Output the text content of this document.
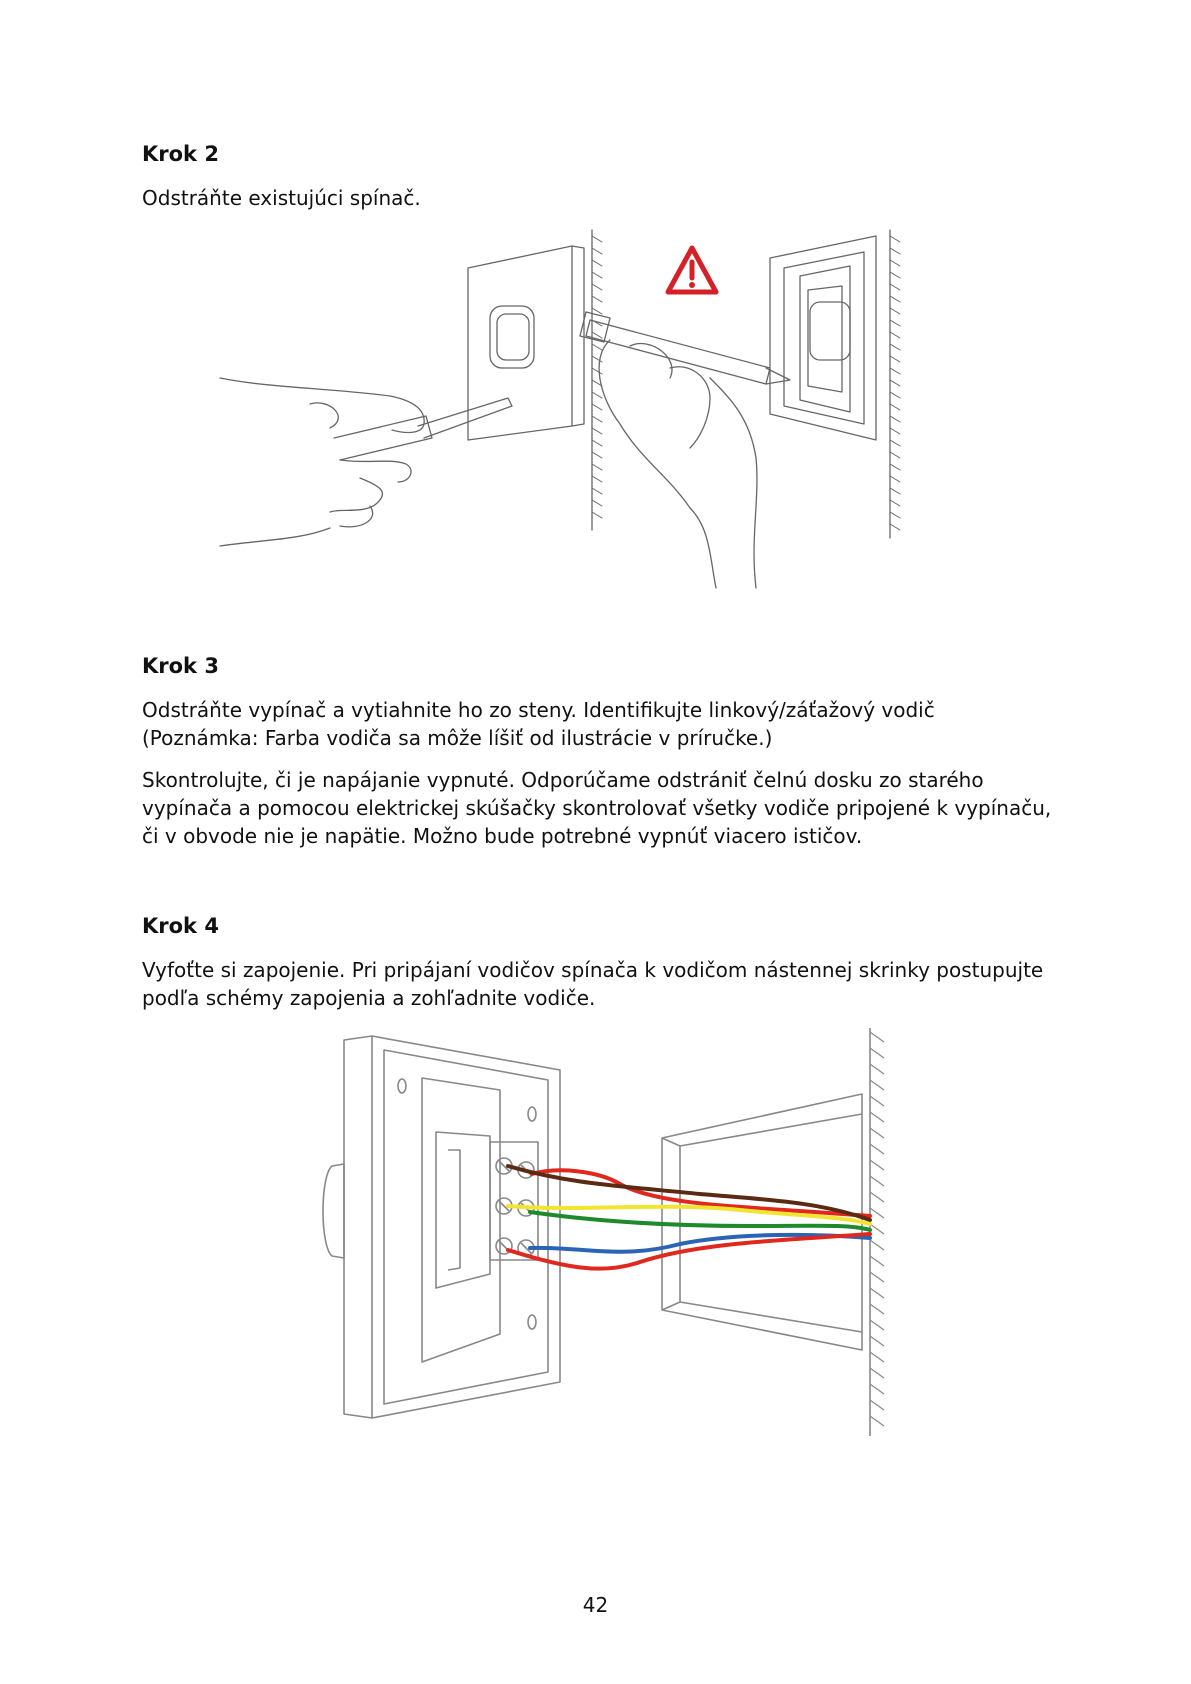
Krok 2

Odstráňte existujúci spínač.

Krok 3

Odstráňte vypínač a vytiahnite ho zo steny. Identifikujte linkový/záťažový vodič
(Poznámka: Farba vodiča sa môže líšiť od ilustrácie v príručke.)

Skontrolujte, či je napájanie vypnuté. Odporúčame odstrániť čelnú dosku zo starého
vypínača a pomocou elektrickej skúšačky skontrolovať všetky vodiče pripojené k vypínaču,
či v obvode nie je napätie. Možno bude potrebné vypnúť viacero ističov.

Krok 4

Vyfoťte si zapojenie. Pri pripájaní vodičov spínača k vodičom nástennej skrinky postupujte
podľa schémy zapojenia a zohľadnite vodiče.

42
